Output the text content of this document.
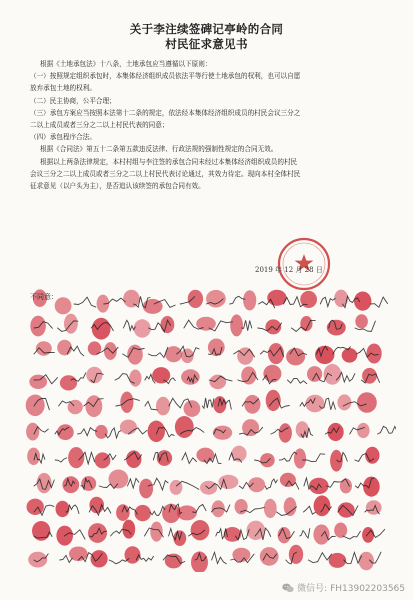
关于李注续签碑记亭岭的合同
村民征求意见书

根据《土地承包法》十八条，土地承包应当遵循以下原则：

（一）按照规定组织承包时，本集体经济组织成员依法平等行使土地承包的权利，也可以自愿

放弃承包土地的权利。

（二）民主协商，公平合理；

（三）承包方案应当按照本法第十二条的规定，依法经本集体经济组织成员的村民会议三分之

二以上成员或者三分之二以上村民代表的同意；

（四）承包程序合法。

根据《合同法》第五十二条第五款违反法律、行政法规的强制性规定的合同无效。

根据以上两条法律规定，本村村组与李注签的承包合同未经过本集体经济组织成员的村民

会议三分之二以上成员或者三分之二以上村民代表讨论通过，其效力待定。现向本村全体村民

征求意见（以户头为主），是否追认该续签的承包合同有效。

2019 年 12 月 28 日
不同意：
微信号: FH13902203565
